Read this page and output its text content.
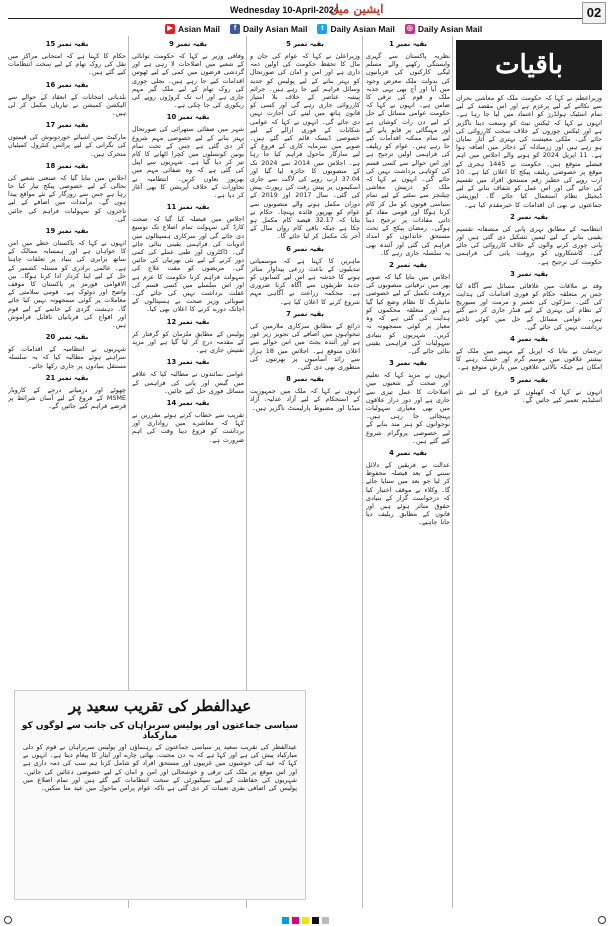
Wednesday 10-April-2024
ایشین میل	02
▶ Asian Mail	f Daily Asian Mail	t Daily Asian Mail ◎ Daily Asian Mail
باقیات

وزیراعظم نے کہا کہ حکومت ملک کو معاشی بحران سے نکالنے کے لیے پرعزم ہے اور اس مقصد کے لیے تمام اسٹیک ہولڈرز کو اعتماد میں لیا جا رہا ہے۔ انہوں نے کہا کہ ٹیکس نیٹ کو وسعت دینا ناگزیر ہے اور ٹیکس چوروں کے خلاف سخت کارروائی کی جائے گی۔ ملکی معیشت کی بہتری کے آثار نمایاں ہو رہے ہیں اور زرمبادلہ کے ذخائر میں اضافہ ہوا ہے۔ 11 اپریل 2024 کو ہونے والے اجلاس میں اہم فیصلے متوقع ہیں۔ حکومت نے 1445 ہجری کے موقع پر خصوصی ریلیف پیکج کا اعلان کیا ہے۔ 10 ارب روپے کی خطیر رقم مستحق افراد میں تقسیم کی جائے گی اور اس عمل کو شفاف بنانے کے لیے ڈیجیٹل نظام استعمال کیا جائے گا۔ اپوزیشن جماعتوں نے بھی ان اقدامات کا خیرمقدم کیا ہے۔

بقیہ نمبر 2

انتظامیہ کے مطابق نہری پانی کی منصفانہ تقسیم یقینی بنانے کے لیے ٹیمیں تشکیل دی گئی ہیں اور پانی چوری کرنے والوں کے خلاف کارروائی کی جائے گی۔ کاشتکاروں کو بروقت پانی کی فراہمی حکومت کی ترجیح ہے۔

بقیہ نمبر 3

وفد نے ملاقات میں علاقائی مسائل سے آگاہ کیا جس پر متعلقہ حکام کو فوری اقدامات کی ہدایت کی گئی۔ سڑکوں کی تعمیر و مرمت اور سیوریج کے نظام کی بہتری کے لیے فنڈز جاری کر دیے گئے ہیں۔ عوامی مسائل کے حل میں کوئی تاخیر برداشت نہیں کی جائے گی۔

بقیہ نمبر 4

ترجمان نے بتایا کہ اپریل کے مہینے میں ملک کے بیشتر علاقوں میں موسم گرم اور خشک رہنے کا امکان ہے جبکہ بالائی علاقوں میں بارش متوقع ہے۔

بقیہ نمبر 5

انہوں نے کہا کہ کھیلوں کے فروغ کے لیے نئے اسٹیڈیم تعمیر کیے جائیں گے۔

بقیہ نمبر 1

نظریہ پاکستان سے گہری وابستگی رکھنے والے مسلم لیگی کارکنوں کی قربانیوں کی بدولت ملک معرض وجود میں آیا اور آج بھی یہی جذبہ ملک و قوم کی ترقی کا ضامن ہے۔ انہوں نے کہا کہ حکومت عوامی مسائل کے حل کے لیے دن رات کوشاں ہے اور مہنگائی پر قابو پانے کے لیے تمام ممکنہ اقدامات کیے جا رہے ہیں۔ عوام کو ریلیف کی فراہمی اولین ترجیح ہے اور اس حوالے سے کسی قسم کی کوتاہی برداشت نہیں کی جائے گی۔ انہوں نے کہا کہ ملک کو درپیش معاشی چیلنجز سے نمٹنے کے لیے تمام سیاسی قوتوں کو مل کر کام کرنا ہوگا اور قومی مفاد کو ذاتی مفادات پر ترجیح دینا ہوگی۔ رمضان پیکج کے تحت مستحق خاندانوں کو امداد فراہم کی گئی اور آئندہ بھی یہ سلسلہ جاری رہے گا۔

بقیہ نمبر 2

اجلاس میں بتایا گیا کہ صوبے بھر میں ترقیاتی منصوبوں کی بروقت تکمیل کے لیے خصوصی مانیٹرنگ کا نظام وضع کیا گیا ہے اور متعلقہ محکموں کو ہدایت کی گئی ہے کہ وہ معیار پر کوئی سمجھوتہ نہ کریں۔ شہریوں کو بنیادی سہولیات کی فراہمی یقینی بنائی جائے گی۔

بقیہ نمبر 3

انہوں نے مزید کہا کہ تعلیم اور صحت کے شعبوں میں اصلاحات کا عمل تیزی سے جاری ہے اور دور دراز علاقوں میں بھی معیاری سہولیات پہنچائی جا رہی ہیں۔ نوجوانوں کو ہنر مند بنانے کے لیے خصوصی پروگرام شروع کیے گئے ہیں۔

بقیہ نمبر 4

عدالت نے فریقین کے دلائل سننے کے بعد فیصلہ محفوظ کر لیا جو بعد میں سنایا جائے گا۔ وکلاء نے موقف اختیار کیا کہ درخواست گزار کے بنیادی حقوق متاثر ہوئے ہیں اور قانون کے مطابق ریلیف دیا جانا چاہیے۔

بقیہ نمبر 5

وزیراعلیٰ نے کہا کہ عوام کی جان و مال کا تحفظ حکومت کی اولین ذمہ داری ہے اور امن و امان کی صورتحال کو بہتر بنانے کے لیے پولیس کو جدید وسائل فراہم کیے جا رہے ہیں۔ جرائم پیشہ عناصر کے خلاف بلا امتیاز کارروائی جاری رہے گی اور کسی کو قانون ہاتھ میں لینے کی اجازت نہیں دی جائے گی۔ انہوں نے کہا کہ عوامی شکایات کے فوری ازالے کے لیے خصوصی ڈیسک قائم کیے گئے ہیں۔ صوبے میں سرمایہ کاری کے فروغ کے لیے سازگار ماحول فراہم کیا جا رہا ہے۔ اجلاس میں 2014 سے 2024 تک کے منصوبوں کا جائزہ لیا گیا اور 37.04 ارب روپے کی لاگت سے جاری اسکیموں پر پیش رفت کی رپورٹ پیش کی گئی۔ سال 2017 اور 2019 کے دوران مکمل ہونے والے منصوبوں سے عوام کو بھرپور فائدہ پہنچا۔ حکام نے بتایا کہ 32.17 فیصد کام مکمل ہو چکا ہے جبکہ باقی کام رواں سال کے آخر تک مکمل کر لیا جائے گا۔

بقیہ نمبر 6

ماہرین کا کہنا ہے کہ موسمیاتی تبدیلیوں کے باعث زرعی پیداوار متاثر ہونے کا خدشہ ہے اس لیے کسانوں کو جدید طریقوں سے آگاہ کرنا ضروری ہے۔ محکمہ زراعت نے آگاہی مہم شروع کرنے کا اعلان کیا ہے۔

بقیہ نمبر 7

ذرائع کے مطابق سرکاری ملازمین کی تنخواہوں میں اضافے کی تجویز زیر غور ہے اور آئندہ بجٹ میں اس حوالے سے اعلان متوقع ہے۔ اجلاس میں 18 ہزار سے زائد آسامیوں پر بھرتیوں کی منظوری بھی دی گئی۔

بقیہ نمبر 8

انہوں نے کہا کہ ملک میں جمہوریت کے استحکام کے لیے آزاد عدلیہ، آزاد میڈیا اور مضبوط پارلیمنٹ ناگزیر ہیں۔

بقیہ نمبر 9

وفاقی وزیر نے کہا کہ حکومت توانائی کے شعبے میں اصلاحات لا رہی ہے اور گردشی قرضوں میں کمی کے لیے ٹھوس اقدامات کیے جا رہے ہیں۔ بجلی چوری کی روک تھام کے لیے ملک گیر مہم جاری ہے اور اب تک کروڑوں روپے کی ریکوری کی جا چکی ہے۔

بقیہ نمبر 10

شہر میں صفائی ستھرائی کی صورتحال بہتر بنانے کے لیے خصوصی مہم شروع کر دی گئی ہے جس کے تحت تمام یونین کونسلوں میں کچرا اٹھانے کا کام تیز کر دیا گیا ہے۔ شہریوں سے اپیل کی گئی ہے کہ وہ صفائی مہم میں بھرپور تعاون کریں۔ انتظامیہ نے تجاوزات کے خلاف آپریشن کا بھی آغاز کر دیا ہے۔

بقیہ نمبر 11

اجلاس میں فیصلہ کیا گیا کہ صحت کارڈ کی سہولت تمام اضلاع تک توسیع دی جائے گی اور سرکاری ہسپتالوں میں ادویات کی فراہمی یقینی بنائی جائے گی۔ ڈاکٹروں اور طبی عملے کی کمی دور کرنے کے لیے نئی بھرتیاں کی جائیں گی۔ مریضوں کو مفت علاج کی سہولت فراہم کرنا حکومت کا عزم ہے اور اس سلسلے میں کسی قسم کی غفلت برداشت نہیں کی جائے گی۔ صوبائی وزیر صحت نے ہسپتالوں کے اچانک دورے کرنے کا اعلان بھی کیا۔

بقیہ نمبر 12

پولیس کے مطابق ملزمان کو گرفتار کر کے مقدمہ درج کر لیا گیا ہے اور مزید تفتیش جاری ہے۔

بقیہ نمبر 13

عوامی نمائندوں نے مطالبہ کیا کہ علاقے میں گیس اور پانی کی فراہمی کے مسائل فوری حل کیے جائیں۔

بقیہ نمبر 14

تقریب سے خطاب کرتے ہوئے مقررین نے کہا کہ معاشرے میں رواداری اور برداشت کو فروغ دینا وقت کی اہم ضرورت ہے۔

بقیہ نمبر 15

حکام کا کہنا ہے کہ امتحانی مراکز میں نقل کی روک تھام کے لیے سخت انتظامات کیے گئے ہیں۔

بقیہ نمبر 16

بلدیاتی انتخابات کے انعقاد کے حوالے سے الیکشن کمیشن نے تیاریاں مکمل کر لی ہیں۔

بقیہ نمبر 17

مارکیٹ میں اشیائے خوردونوش کی قیمتوں کی نگرانی کے لیے پرائس کنٹرول کمیٹیاں متحرک ہیں۔

بقیہ نمبر 18

اجلاس میں بتایا گیا کہ صنعتی شعبے کی بحالی کے لیے خصوصی پیکج تیار کیا جا رہا ہے جس سے روزگار کے نئے مواقع پیدا ہوں گے۔ برآمدات میں اضافے کے لیے تاجروں کو سہولیات فراہم کی جائیں گی۔

بقیہ نمبر 19

انہوں نے کہا کہ پاکستان خطے میں امن کا خواہاں ہے اور ہمسایہ ممالک کے ساتھ برابری کی بنیاد پر تعلقات چاہتا ہے۔ عالمی برادری کو مسئلہ کشمیر کے حل کے لیے اپنا کردار ادا کرنا ہوگا۔ بین الاقوامی فورمز پر پاکستان کا موقف واضح اور دوٹوک ہے۔ قومی سلامتی کے معاملات پر کوئی سمجھوتہ نہیں کیا جائے گا۔ دہشت گردی کے خاتمے کے لیے قوم اور افواج کی قربانیاں ناقابل فراموش ہیں۔

بقیہ نمبر 20

شہریوں نے انتظامیہ کے اقدامات کو سراہتے ہوئے مطالبہ کیا کہ یہ سلسلہ مستقل بنیادوں پر جاری رکھا جائے۔

بقیہ نمبر 21

چھوٹے اور درمیانے درجے کے کاروبار MSME کے فروغ کے لیے آسان شرائط پر قرضے فراہم کیے جائیں گے۔

عیدالفطر کی تقریب سعید پر
سیاسی جماعتوں اور پولیس سربراہان کی جانب سے لوگوں کو مبارکباد

عیدالفطر کی تقریب سعید پر سیاسی جماعتوں کے رہنماؤں اور پولیس سربراہان نے قوم کو دلی مبارکباد پیش کی ہے اور کہا ہے کہ یہ دن محبت، بھائی چارے اور ایثار کا پیغام دیتا ہے۔ انہوں نے کہا کہ عید کی خوشیوں میں غریبوں اور مستحق افراد کو شامل کرنا ہم سب کی ذمہ داری ہے اور اس موقع پر ملک کی ترقی و خوشحالی اور امن و امان کے لیے خصوصی دعائیں کی جائیں۔ شہریوں کی حفاظت کے لیے سیکیورٹی کے سخت انتظامات کیے گئے ہیں اور تمام اضلاع میں پولیس کی اضافی نفری تعینات کر دی گئی ہے تاکہ عوام پرامن ماحول میں عید منا سکیں۔
